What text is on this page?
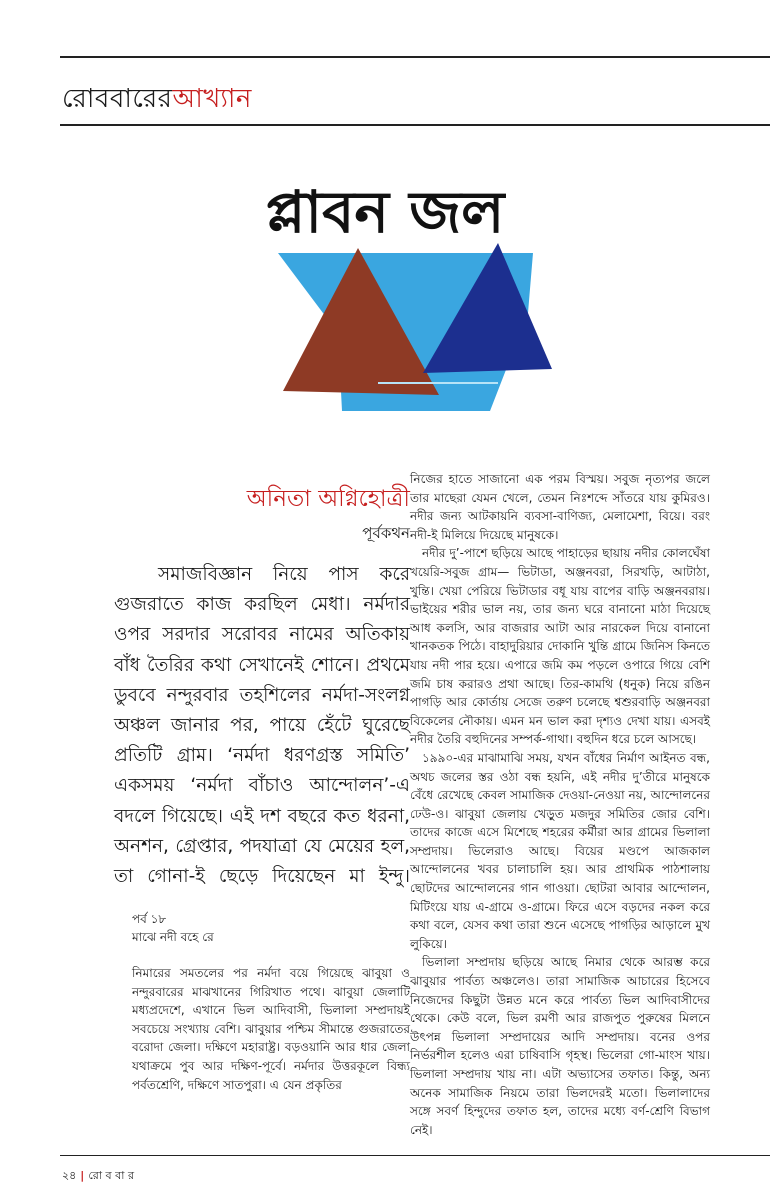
রোববারেরআখ্যান
প্লাবন জল
অনিতা অগ্নিহোত্রী
পূর্বকথন

সমাজবিজ্ঞান নিয়ে পাস করে গুজরাতে কাজ করছিল মেধা। নর্মদার ওপর সরদার সরোবর নামের অতিকায় বাঁধ তৈরির কথা সেখানেই শোনে। প্রথমে ডুববে নন্দুরবার তহশিলের নর্মদা-সংলগ্ন অঞ্চল জানার পর, পায়ে হেঁটে ঘুরেছে প্রতিটি গ্রাম। ‘নর্মদা ধরণগ্রস্ত সমিতি’ একসময় ‘নর্মদা বাঁচাও আন্দোলন’-এ বদলে গিয়েছে। এই দশ বছরে কত ধরনা, অনশন, গ্রেপ্তার, পদযাত্রা যে মেয়ের হল, তা গোনা-ই ছেড়ে দিয়েছেন মা ইন্দু।

পর্ব ১৮
মাঝে নদী বহে রে

নিমারের সমতলের পর নর্মদা বয়ে গিয়েছে ঝাবুয়া ও নন্দুরবারের মাঝখানের গিরিখাত পথে। ঝাবুয়া জেলাটি মধ্যপ্রদেশে, এখানে ভিল আদিবাসী, ভিলালা সম্প্রদায়ই সবচেয়ে সংখ্যায় বেশি। ঝাবুয়ার পশ্চিম সীমান্তে গুজরাতের বরোদা জেলা। দক্ষিণে মহারাষ্ট্র। বড়ওয়ানি আর ধার জেলা যথাক্রমে পুব আর দক্ষিণ-পূর্বে। নর্মদার উত্তরকূলে বিন্ধ্য পর্বতশ্রেণি, দক্ষিণে সাতপুরা। এ যেন প্রকৃতির

নিজের হাতে সাজানো এক পরম বিস্ময়। সবুজ নৃত্যপর জলে তার মাছেরা যেমন খেলে, তেমন নিঃশব্দে সাঁতরে যায় কুমিরও। নদীর জন্য আটকায়নি ব্যবসা-বাণিজ্য, মেলামেশা, বিয়ে। বরং নদী-ই মিলিয়ে দিয়েছে মানুষকে।

নদীর দু’-পাশে ছড়িয়ে আছে পাহাড়ের ছায়ায় নদীর কোলঘেঁষা খয়েরি-সবুজ গ্রাম— ভিটাডা, অঞ্জনবরা, সিরখড়ি, আটাঠা, খুন্তি। খেয়া পেরিয়ে ভিটাডার বধূ যায় বাপের বাড়ি অঞ্জনবরায়। ভাইয়ের শরীর ভাল নয়, তার জন্য ঘরে বানানো মাঠা দিয়েছে আধ কলসি, আর বাজরার আটা আর নারকেল দিয়ে বানানো খানকতক পিঠে। বাহাদুরিয়ার দোকানি খুন্তি গ্রামে জিনিস কিনতে যায় নদী পার হয়ে। এপারে জমি কম পড়লে ওপারে গিয়ে বেশি জমি চাষ করারও প্রথা আছে। তির-কামথি (ধনুক) নিয়ে রঙিন পাগড়ি আর কোর্তায় সেজে তরুণ চলেছে শ্বশুরবাড়ি অঞ্জনবরা বিকেলের নৌকায়। এমন মন ভাল করা দৃশ্যও দেখা যায়। এসবই নদীর তৈরি বহুদিনের সম্পর্ক-গাথা। বহুদিন ধরে চলে আসছে।

১৯৯০-এর মাঝামাঝি সময়, যখন বাঁধের নির্মাণ আইনত বন্ধ, অথচ জলের স্তর ওঠা বন্ধ হয়নি, এই নদীর দু’তীরে মানুষকে বেঁধে রেখেছে কেবল সামাজিক দেওয়া-নেওয়া নয়, আন্দোলনের ঢেউ-ও। ঝাবুয়া জেলায় খেড়ুত মজদুর সমিতির জোর বেশি। তাদের কাজে এসে মিশেছে শহরের কর্মীরা আর গ্রামের ভিলালা সম্প্রদায়। ভিলেরাও আছে। বিয়ের মণ্ডপে আজকাল আন্দোলনের খবর চালাচালি হয়। আর প্রাথমিক পাঠশালায় ছোটদের আন্দোলনের গান গাওয়া। ছোটরা আবার আন্দোলন, মিটিংয়ে যায় এ-গ্রামে ও-গ্রামে। ফিরে এসে বড়দের নকল করে কথা বলে, যেসব কথা তারা শুনে এসেছে পাগড়ির আড়ালে মুখ লুকিয়ে।

ভিলালা সম্প্রদায় ছড়িয়ে আছে নিমার থেকে আরম্ভ করে ঝাবুয়ার পার্বত্য অঞ্চলেও। তারা সামাজিক আচারের হিসেবে নিজেদের কিছুটা উন্নত মনে করে পার্বত্য ভিল আদিবাসীদের থেকে। কেউ বলে, ভিল রমণী আর রাজপুত পুরুষের মিলনে উৎপন্ন ভিলালা সম্প্রদায়ের আদি সম্প্রদায়। বনের ওপর নির্ভরশীল হলেও এরা চাষিবাসি গৃহস্থ। ভিলেরা গো-মাংস খায়। ভিলালা সম্প্রদায় খায় না। এটা অভ্যাসের তফাত। কিন্তু, অন্য অনেক সামাজিক নিয়মে তারা ভিলদেরই মতো। ভিলালাদের সঙ্গে সবর্ণ হিন্দুদের তফাত হল, তাদের মধ্যে বর্ণ-শ্রেণি বিভাগ নেই।

২৪ | রো ব বা র
